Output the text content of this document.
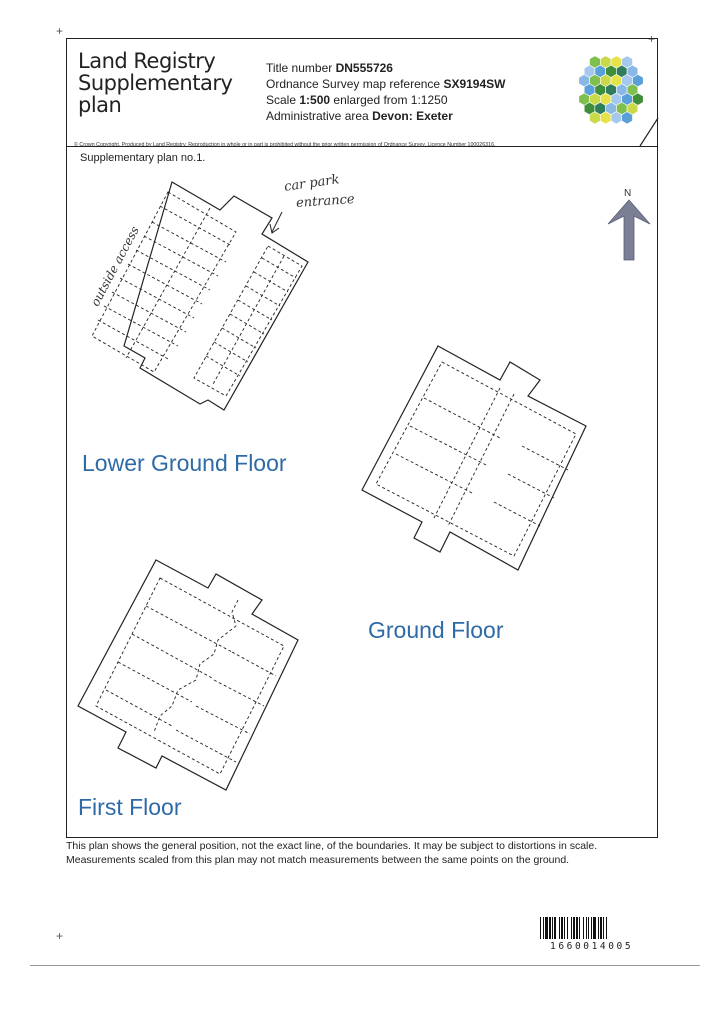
+
+
+
Land Registry
Supplementary
plan
Title number DN555726
Ordnance Survey map reference SX9194SW
Scale 1:500 enlarged from 1:1250
Administrative area Devon: Exeter
© Crown Copyright. Produced by Land Registry. Reproduction in whole or in part is prohibited without the prior written permission of Ordnance Survey. Licence Number 100026316.
Supplementary plan no.1.
car park
entrance
outside access
N
Lower Ground Floor
Ground Floor
First Floor
This plan shows the general position, not the exact line, of the boundaries. It may be subject to distortions in scale.
Measurements scaled from this plan may not match measurements between the same points on the ground.
1660014005
